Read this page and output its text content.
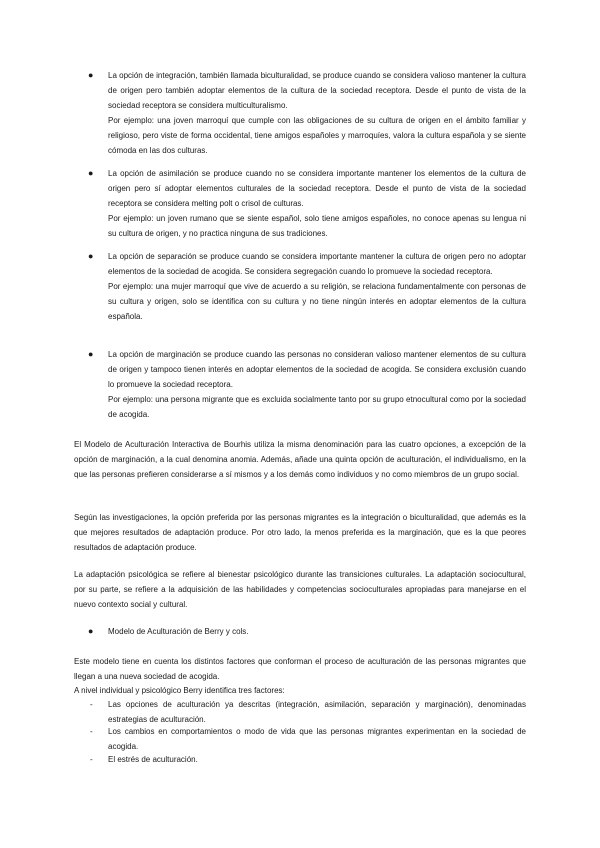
●	La opción de integración, también llamada biculturalidad, se produce cuando se considera valioso mantener la cultura de origen pero también adoptar elementos de la cultura de la sociedad receptora. Desde el punto de vista de la sociedad receptora se considera multiculturalismo.

Por ejemplo: una joven marroquí que cumple con las obligaciones de su cultura de origen en el ámbito familiar y religioso, pero viste de forma occidental, tiene amigos españoles y marroquíes, valora la cultura española y se siente cómoda en las dos culturas.

●	La opción de asimilación se produce cuando no se considera importante mantener los elementos de la cultura de origen pero sí adoptar elementos culturales de la sociedad receptora. Desde el punto de vista de la sociedad receptora se considera melting polt o crisol de culturas.

Por ejemplo: un joven rumano que se siente español, solo tiene amigos españoles, no conoce apenas su lengua ni su cultura de origen, y no practica ninguna de sus tradiciones.

●	La opción de separación se produce cuando se considera importante mantener la cultura de origen pero no adoptar elementos de la sociedad de acogida. Se considera segregación cuando lo promueve la sociedad receptora.

Por ejemplo: una mujer marroquí que vive de acuerdo a su religión, se relaciona fundamentalmente con personas de su cultura y origen, solo se identifica con su cultura y no tiene ningún interés en adoptar elementos de la cultura española.

●	La opción de marginación se produce cuando las personas no consideran valioso mantener elementos de su cultura de origen y tampoco tienen interés en adoptar elementos de la sociedad de acogida. Se considera exclusión cuando lo promueve la sociedad receptora.

Por ejemplo: una persona migrante que es excluida socialmente tanto por su grupo etnocultural como por la sociedad de acogida.

El Modelo de Aculturación Interactiva de Bourhis utiliza la misma denominación para las cuatro opciones, a excepción de la opción de marginación, a la cual denomina anomia. Además, añade una quinta opción de aculturación, el individualismo, en la que las personas prefieren considerarse a sí mismos y a los demás como individuos y no como miembros de un grupo social.

Según las investigaciones, la opción preferida por las personas migrantes es la integración o biculturalidad, que además es la que mejores resultados de adaptación produce. Por otro lado, la menos preferida es la marginación, que es la que peores resultados de adaptación produce.

La adaptación psicológica se refiere al bienestar psicológico durante las transiciones culturales. La adaptación sociocultural, por su parte, se refiere a la adquisición de las habilidades y competencias socioculturales apropiadas para manejarse en el nuevo contexto social y cultural.

●	Modelo de Aculturación de Berry y cols.

Este modelo tiene en cuenta los distintos factores que conforman el proceso de aculturación de las personas migrantes que llegan a una nueva sociedad de acogida.

A nivel individual y psicológico Berry identifica tres factores:

- Las opciones de aculturación ya descritas (integración, asimilación, separación y marginación), denominadas estrategias de aculturación.

- Los cambios en comportamientos o modo de vida que las personas migrantes experimentan en la sociedad de acogida.

- El estrés de aculturación.
